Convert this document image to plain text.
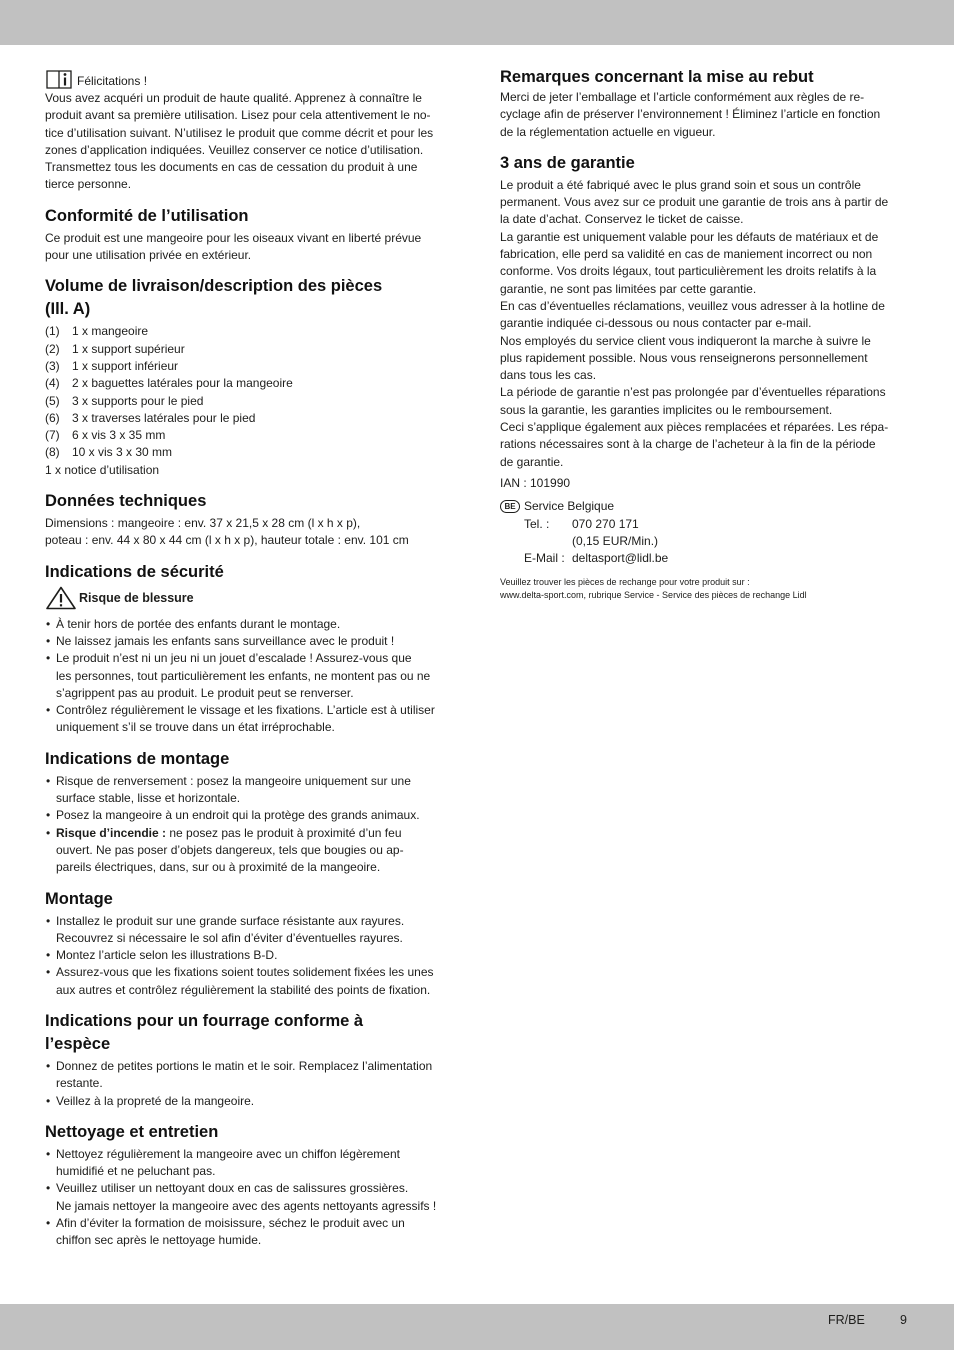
Félicitations !

Vous avez acquéri un produit de haute qualité. Apprenez à connaître le

produit avant sa première utilisation. Lisez pour cela attentivement le no-

tice d’utilisation suivant. N’utilisez le produit que comme décrit et pour les

zones d’application indiquées. Veuillez conserver ce notice d’utilisation.

Transmettez tous les documents en cas de cessation du produit à une

tierce personne.

Conformité de l’utilisation

Ce produit est une mangeoire pour les oiseaux vivant en liberté prévue

pour une utilisation privée en extérieur.

Volume de livraison/description des pièces
(Ill. A)
(1)	1 x mangeoire
(2)	1 x support supérieur
(3)	1 x support inférieur
(4)	2 x baguettes latérales pour la mangeoire
(5)	3 x supports pour le pied
(6)	3 x traverses latérales pour le pied
(7)	6 x vis 3 x 35 mm
(8)	10 x vis 3 x 30 mm

1 x notice d’utilisation

Données techniques

Dimensions : mangeoire : env. 37 x 21,5 x 28 cm (l x h x p),

poteau : env. 44 x 80 x 44 cm (l x h x p), hauteur totale : env. 101 cm

Indications de sécurité
Risque de blessure
• À tenir hors de portée des enfants durant le montage.
• Ne laissez jamais les enfants sans surveillance avec le produit !
• Le produit n’est ni un jeu ni un jouet d’escalade ! Assurez-vous que
les personnes, tout particulièrement les enfants, ne montent pas ou ne
s’agrippent pas au produit. Le produit peut se renverser.
• Contrôlez régulièrement le vissage et les fixations. L’article est à utiliser
uniquement s’il se trouve dans un état irréprochable.
Indications de montage
• Risque de renversement : posez la mangeoire uniquement sur une
surface stable, lisse et horizontale.
• Posez la mangeoire à un endroit qui la protège des grands animaux.
• Risque d’incendie : ne posez pas le produit à proximité d’un feu
ouvert. Ne pas poser d’objets dangereux, tels que bougies ou ap-
pareils électriques, dans, sur ou à proximité de la mangeoire.
Montage
• Installez le produit sur une grande surface résistante aux rayures.
Recouvrez si nécessaire le sol afin d’éviter d’éventuelles rayures.
• Montez l’article selon les illustrations B-D.
• Assurez-vous que les fixations soient toutes solidement fixées les unes
aux autres et contrôlez régulièrement la stabilité des points de fixation.
Indications pour un fourrage conforme à
l’espèce
• Donnez de petites portions le matin et le soir. Remplacez l’alimentation
restante.
• Veillez à la propreté de la mangeoire.
Nettoyage et entretien
• Nettoyez régulièrement la mangeoire avec un chiffon légèrement
humidifié et ne peluchant pas.
• Veuillez utiliser un nettoyant doux en cas de salissures grossières.
Ne jamais nettoyer la mangeoire avec des agents nettoyants agressifs !
• Afin d’éviter la formation de moisissure, séchez le produit avec un
chiffon sec après le nettoyage humide.
Remarques concernant la mise au rebut

Merci de jeter l’emballage et l’article conformément aux règles de re-

cyclage afin de préserver l’environnement ! Éliminez l’article en fonction

de la réglementation actuelle en vigueur.

3 ans de garantie

Le produit a été fabriqué avec le plus grand soin et sous un contrôle

permanent. Vous avez sur ce produit une garantie de trois ans à partir de

la date d’achat. Conservez le ticket de caisse.

La garantie est uniquement valable pour les défauts de matériaux et de

fabrication, elle perd sa validité en cas de maniement incorrect ou non

conforme. Vos droits légaux, tout particulièrement les droits relatifs à la

garantie, ne sont pas limitées par cette garantie.

En cas d’éventuelles réclamations, veuillez vous adresser à la hotline de

garantie indiquée ci-dessous ou nous contacter par e-mail.

Nos employés du service client vous indiqueront la marche à suivre le

plus rapidement possible. Nous vous renseignerons personnellement

dans tous les cas.

La période de garantie n’est pas prolongée par d’éventuelles réparations

sous la garantie, les garanties implicites ou le remboursement.

Ceci s’applique également aux pièces remplacées et réparées. Les répa-

rations nécessaires sont à la charge de l’acheteur à la fin de la période

de garantie.

IAN : 101990

BE Service Belgique
Tel. :	070 270 171
(0,15 EUR/Min.)
E-Mail : deltasport@lidl.be
Veuillez trouver les pièces de rechange pour votre produit sur :
www.delta-sport.com, rubrique Service - Service des pièces de rechange Lidl
FR/BE	9
